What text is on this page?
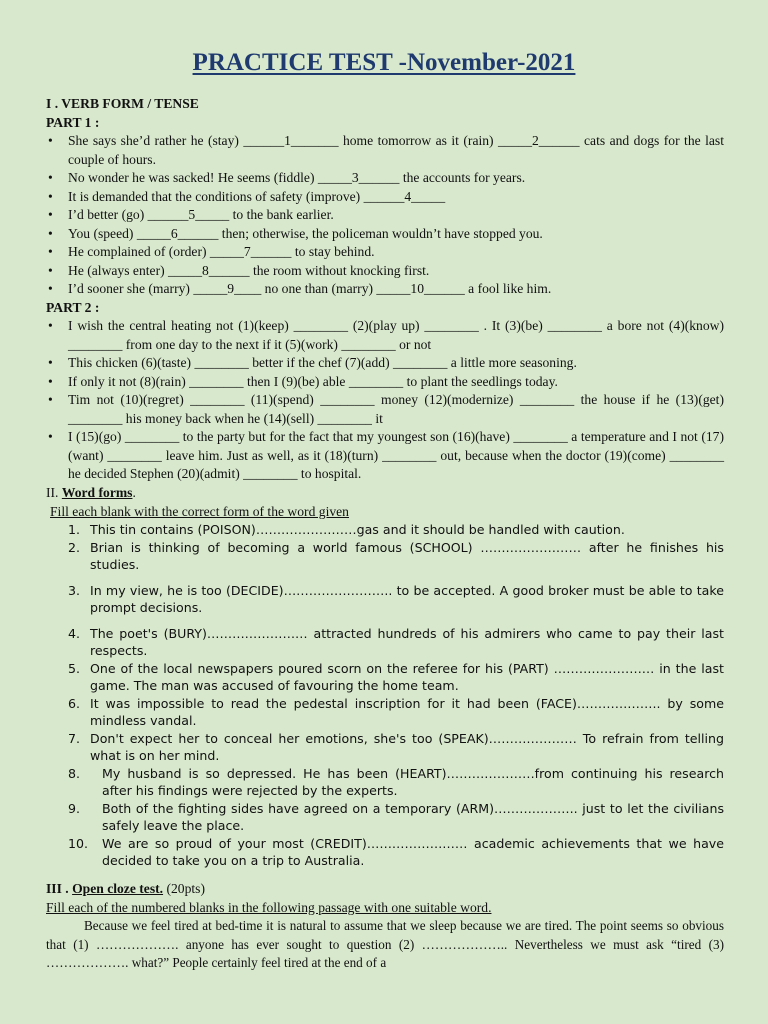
PRACTICE TEST -November-2021
I . VERB FORM / TENSE
PART 1 :
• She says she’d rather he (stay) ______1_______ home tomorrow as it (rain) _____2______ cats and dogs for the last couple of hours.
• No wonder he was sacked! He seems (fiddle) _____3______ the accounts for years.
• It is demanded that the conditions of safety (improve) ______4_____
• I’d better (go) ______5_____ to the bank earlier.
• You (speed) _____6______ then; otherwise, the policeman wouldn’t have stopped you.
• He complained of (order) _____7______ to stay behind.
• He (always enter) _____8______ the room without knocking first.
• I’d sooner she (marry) _____9____ no one than (marry) _____10______ a fool like him.
PART 2 :
• I wish the central heating not (1)(keep) ________ (2)(play up) ________ . It (3)(be) ________ a bore not (4)(know) ________ from one day to the next if it (5)(work) ________ or not
• This chicken (6)(taste) ________ better if the chef (7)(add) ________ a little more seasoning.
• If only it not (8)(rain) ________ then I (9)(be) able ________ to plant the seedlings today.
• Tim not (10)(regret) ________ (11)(spend) ________ money (12)(modernize) ________ the house if he (13)(get) ________ his money back when he (14)(sell) ________ it
• I (15)(go) ________ to the party but for the fact that my youngest son (16)(have) ________ a temperature and I not (17)(want) ________ leave him. Just as well, as it (18)(turn) ________ out, because when the doctor (19)(come) ________ he decided Stephen (20)(admit) ________ to hospital.
II. Word forms.
Fill each blank with the correct form of the word given
1. This tin contains (POISON)……………………gas and it should be handled with caution.
2. Brian is thinking of becoming a world famous (SCHOOL) …………………… after he finishes his studies.
3. In my view, he is too (DECIDE)…………………….. to be accepted. A good broker must be able to take prompt decisions.
4. The poet's (BURY)…………………… attracted hundreds of his admirers who came to pay their last respects.
5. One of the local newspapers poured scorn on the referee for his (PART) …………………… in the last game. The man was accused of favouring the home team.
6. It was impossible to read the pedestal inscription for it had been (FACE)……………….. by some mindless vandal.
7. Don't expect her to conceal her emotions, she's too (SPEAK)………………… To refrain from telling what is on her mind.
8. My husband is so depressed. He has been (HEART)…………………from continuing his research after his findings were rejected by the experts.
9. Both of the fighting sides have agreed on a temporary (ARM)……………….. just to let the civilians safely leave the place.
10. We are so proud of your most (CREDIT)…………………… academic achievements that we have decided to take you on a trip to Australia.
III . Open cloze test. (20pts)
Fill each of the numbered blanks in the following passage with one suitable word.
Because we feel tired at bed-time it is natural to assume that we sleep because we are tired. The point seems so obvious that (1) ………………. anyone has ever sought to question (2) ……………….. Nevertheless we must ask “tired (3) ………………. what?” People certainly feel tired at the end of a
